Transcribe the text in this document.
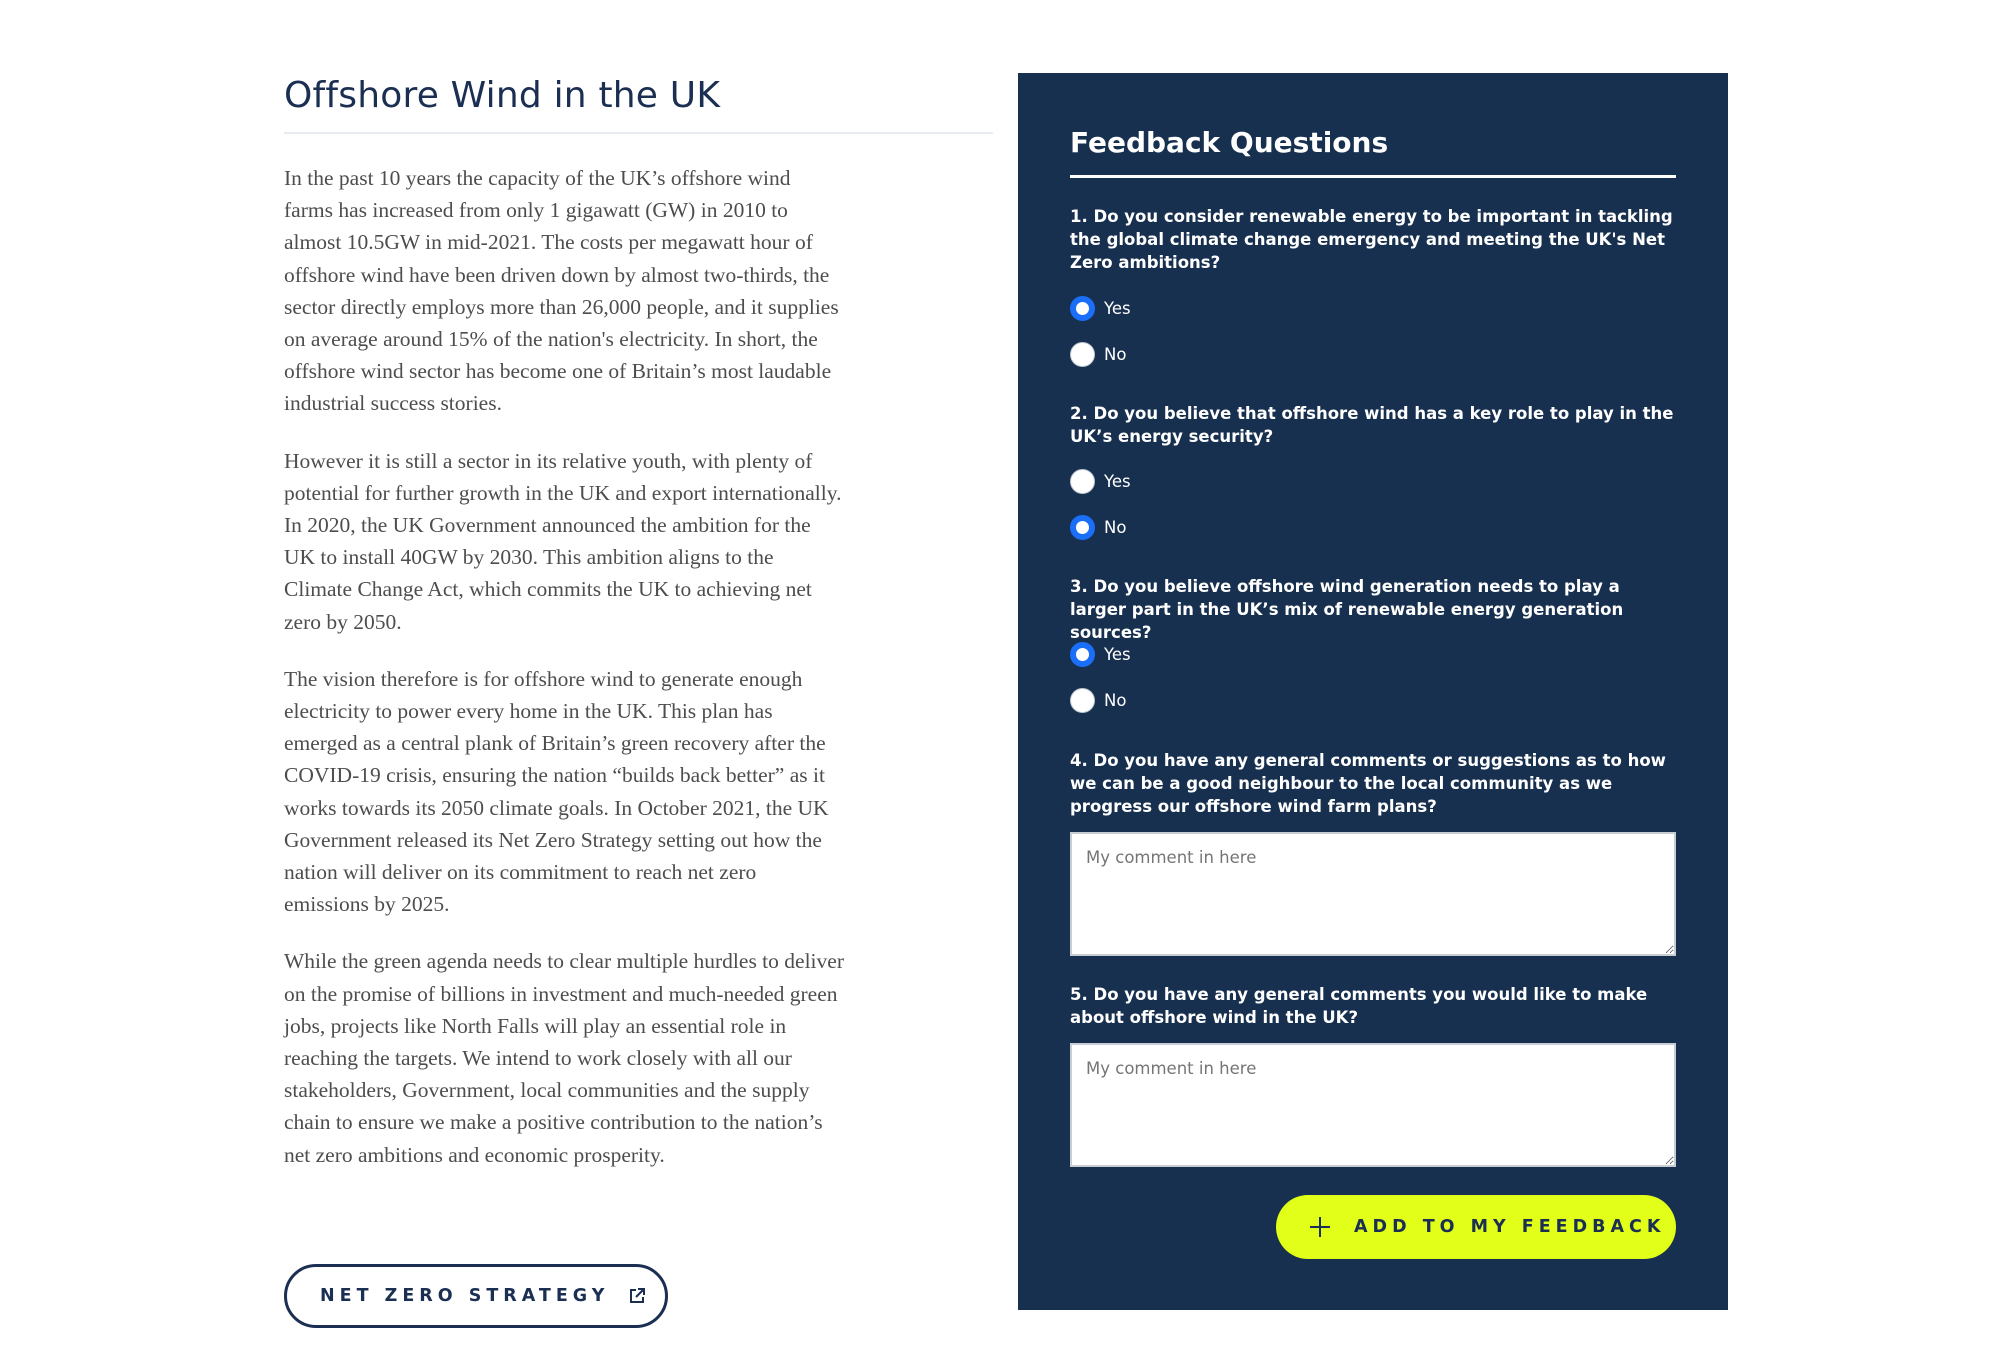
Offshore Wind in the UK

In the past 10 years the capacity of the UK’s offshore wind farms has increased from only 1 gigawatt (GW) in 2010 to almost 10.5GW in mid-2021. The costs per megawatt hour of offshore wind have been driven down by almost two-thirds, the sector directly employs more than 26,000 people, and it supplies on average around 15% of the nation's electricity. In short, the offshore wind sector has become one of Britain’s most laudable industrial success stories.

However it is still a sector in its relative youth, with plenty of potential for further growth in the UK and export internationally. In 2020, the UK Government announced the ambition for the UK to install 40GW by 2030. This ambition aligns to the Climate Change Act, which commits the UK to achieving net zero by 2050.

The vision therefore is for offshore wind to generate enough electricity to power every home in the UK. This plan has emerged as a central plank of Britain’s green recovery after the COVID-19 crisis, ensuring the nation “builds back better” as it works towards its 2050 climate goals. In October 2021, the UK Government released its Net Zero Strategy setting out how the nation will deliver on its commitment to reach net zero emissions by 2025.

While the green agenda needs to clear multiple hurdles to deliver on the promise of billions in investment and much-needed green jobs, projects like North Falls will play an essential role in reaching the targets. We intend to work closely with all our stakeholders, Government, local communities and the supply chain to ensure we make a positive contribution to the nation’s net zero ambitions and economic prosperity.

NET ZERO STRATEGY
Feedback Questions

1. Do you consider renewable energy to be important in tackling the global climate change emergency and meeting the UK's Net Zero ambitions?

Yes
No

2. Do you believe that offshore wind has a key role to play in the UK’s energy security?

Yes
No

3. Do you believe offshore wind generation needs to play a larger part in the UK’s mix of renewable energy generation sources?

Yes
No

4. Do you have any general comments or suggestions as to how we can be a good neighbour to the local community as we progress our offshore wind farm plans?

My comment in here

5. Do you have any general comments you would like to make about offshore wind in the UK?

My comment in here
ADD TO MY FEEDBACK
